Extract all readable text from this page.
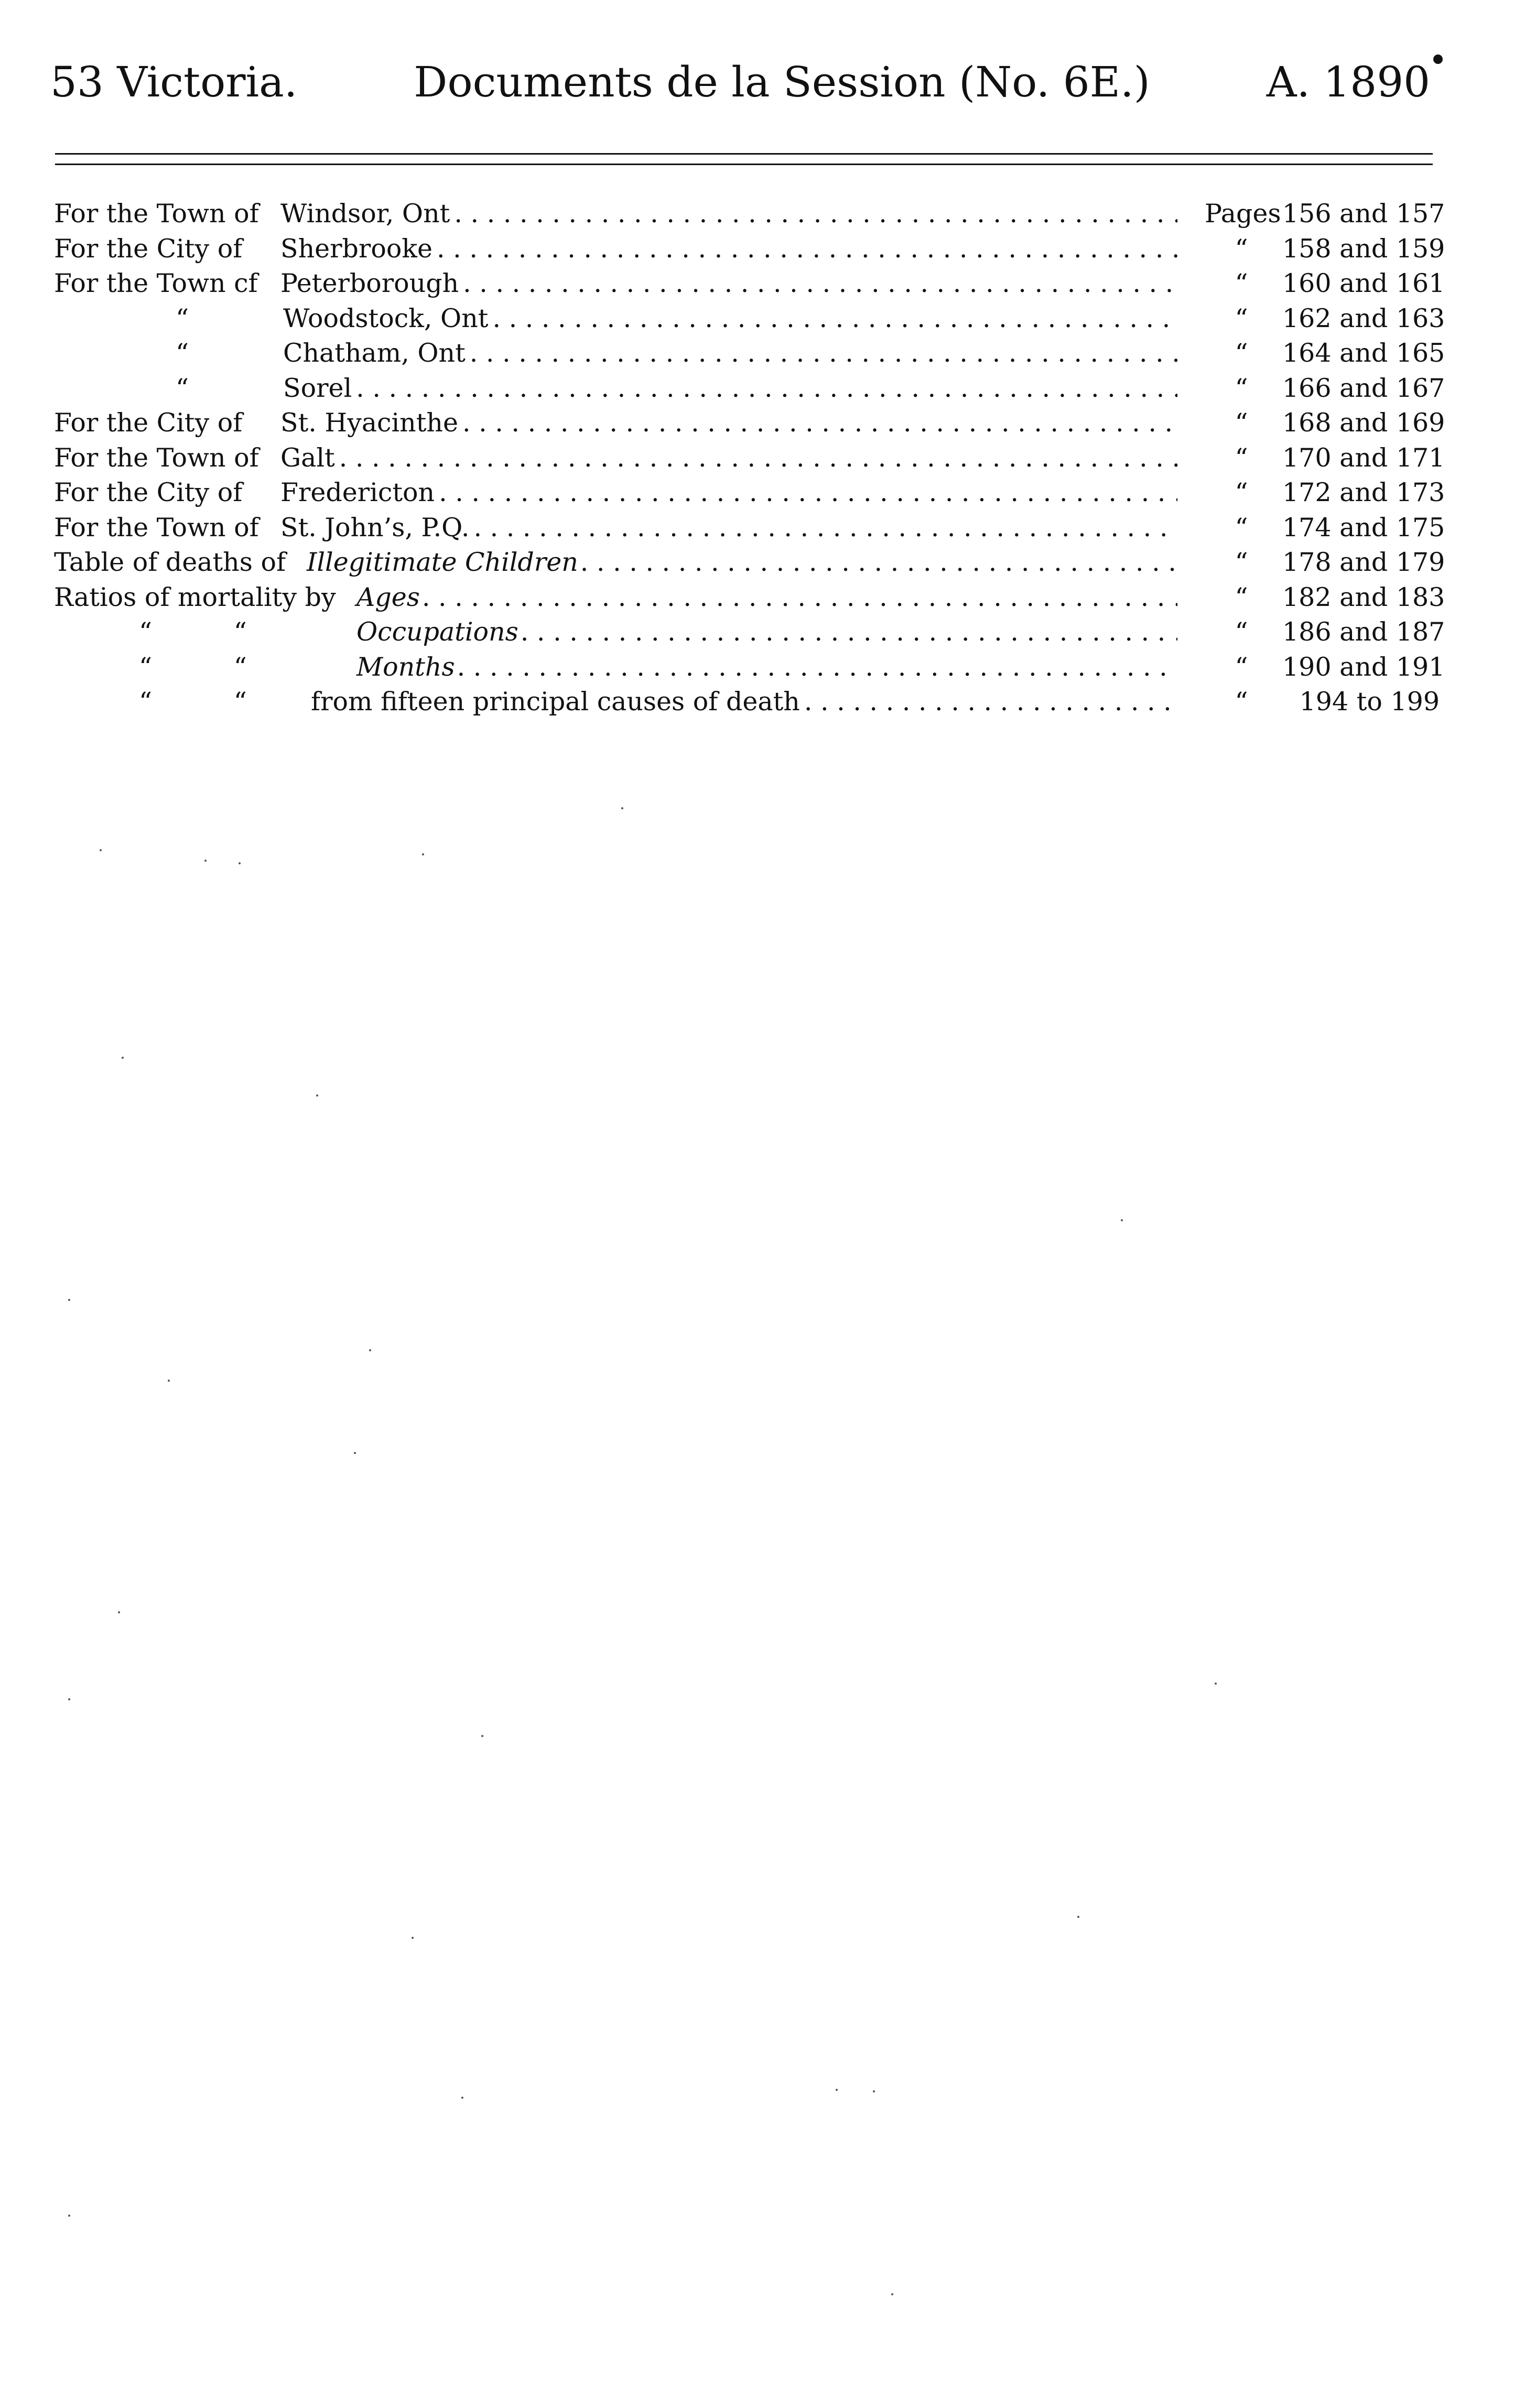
53 Victoria.	Documents de la Session (No. 6E.)	A. 1890
For the Town of Windsor, Ont . . .	Pages 156 and 157
For the City of Sherbrooke . . .	“	158 and 159
For the Town cf Peterborough . . .	“	160 and 161
“	Woodstock, Ont . . .	“	162 and 163
“	Chatham, Ont . . .	“	164 and 165
“	Sorel . . .	“	166 and 167
For the City of St. Hyacinthe . . .	“	168 and 169
For the Town of Galt . . .	“	170 and 171
For the City of Fredericton . . .	“	172 and 173
For the Town of St. John’s, P.Q. . . .	“	174 and 175
Table of deaths of Illegitimate Children . . .	“	178 and 179
Ratios of mortality by Ages . . .	“	182 and 183
“          “	Occupations . . .	“	186 and 187
“          “	Months . . .	“	190 and 191
“          “ from fifteen principal causes of death . . .	“	194 to 199
